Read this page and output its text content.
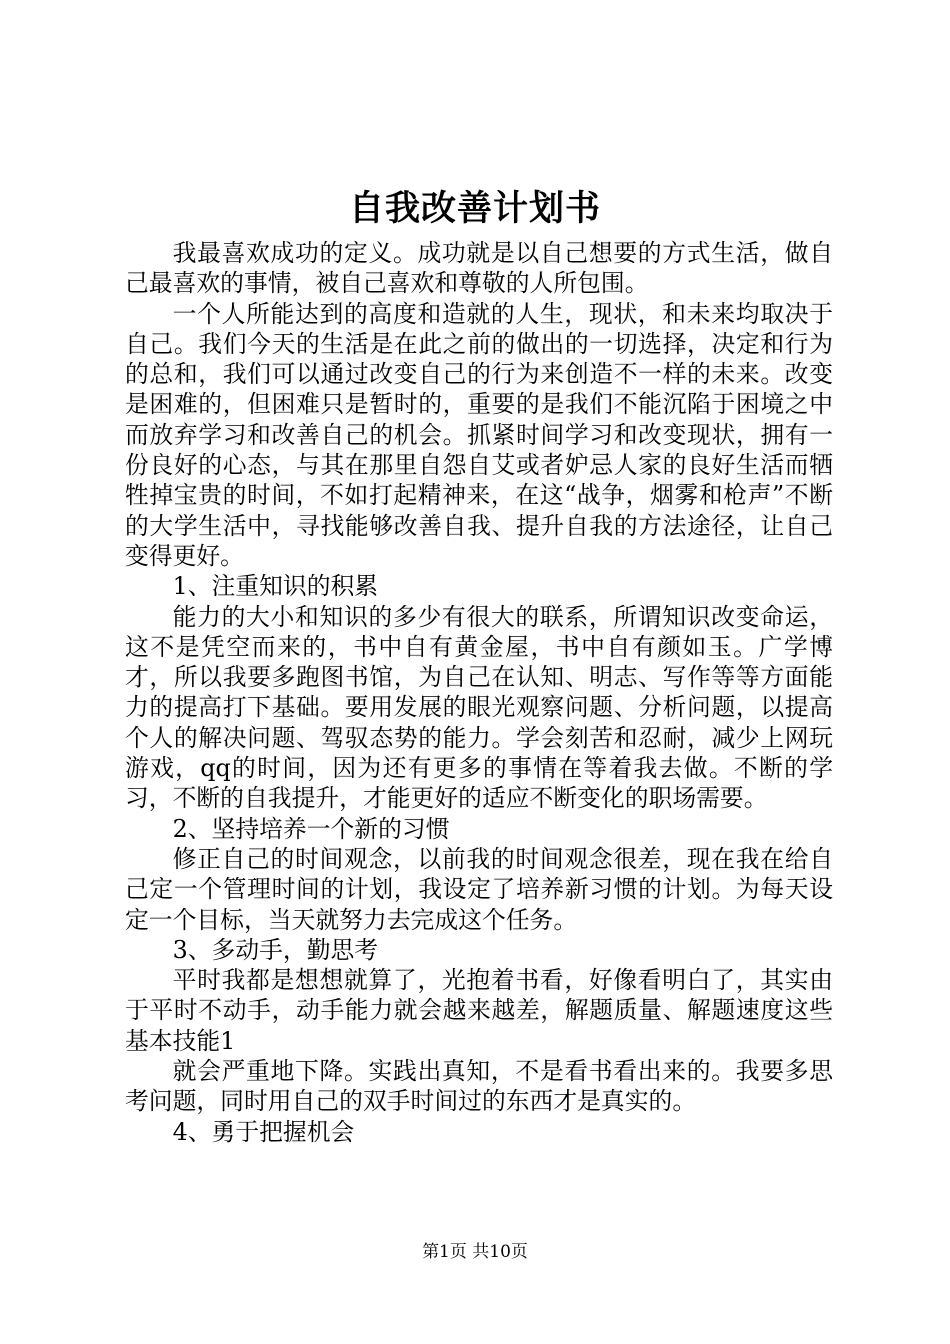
自我改善计划书

我最喜欢成功的定义。成功就是以自己想要的方式生活，做自己最喜欢的事情，被自己喜欢和尊敬的人所包围。

一个人所能达到的高度和造就的人生，现状，和未来均取决于自己。我们今天的生活是在此之前的做出的一切选择，决定和行为的总和，我们可以通过改变自己的行为来创造不一样的未来。改变是困难的，但困难只是暂时的，重要的是我们不能沉陷于困境之中而放弃学习和改善自己的机会。抓紧时间学习和改变现状，拥有一份良好的心态，与其在那里自怨自艾或者妒忌人家的良好生活而牺牲掉宝贵的时间，不如打起精神来，在这“战争，烟雾和枪声”不断的大学生活中，寻找能够改善自我、提升自我的方法途径，让自己变得更好。

1、注重知识的积累

能力的大小和知识的多少有很大的联系，所谓知识改变命运，这不是凭空而来的，书中自有黄金屋，书中自有颜如玉。广学博才，所以我要多跑图书馆，为自己在认知、明志、写作等等方面能力的提高打下基础。要用发展的眼光观察问题、分析问题，以提高个人的解决问题、驾驭态势的能力。学会刻苦和忍耐，减少上网玩游戏，qq的时间，因为还有更多的事情在等着我去做。不断的学习，不断的自我提升，才能更好的适应不断变化的职场需要。

2、坚持培养一个新的习惯

修正自己的时间观念，以前我的时间观念很差，现在我在给自己定一个管理时间的计划，我设定了培养新习惯的计划。为每天设定一个目标，当天就努力去完成这个任务。

3、多动手，勤思考

平时我都是想想就算了，光抱着书看，好像看明白了，其实由于平时不动手，动手能力就会越来越差，解题质量、解题速度这些基本技能1

就会严重地下降。实践出真知，不是看书看出来的。我要多思考问题，同时用自己的双手时间过的东西才是真实的。

4、勇于把握机会

第1页 共10页
